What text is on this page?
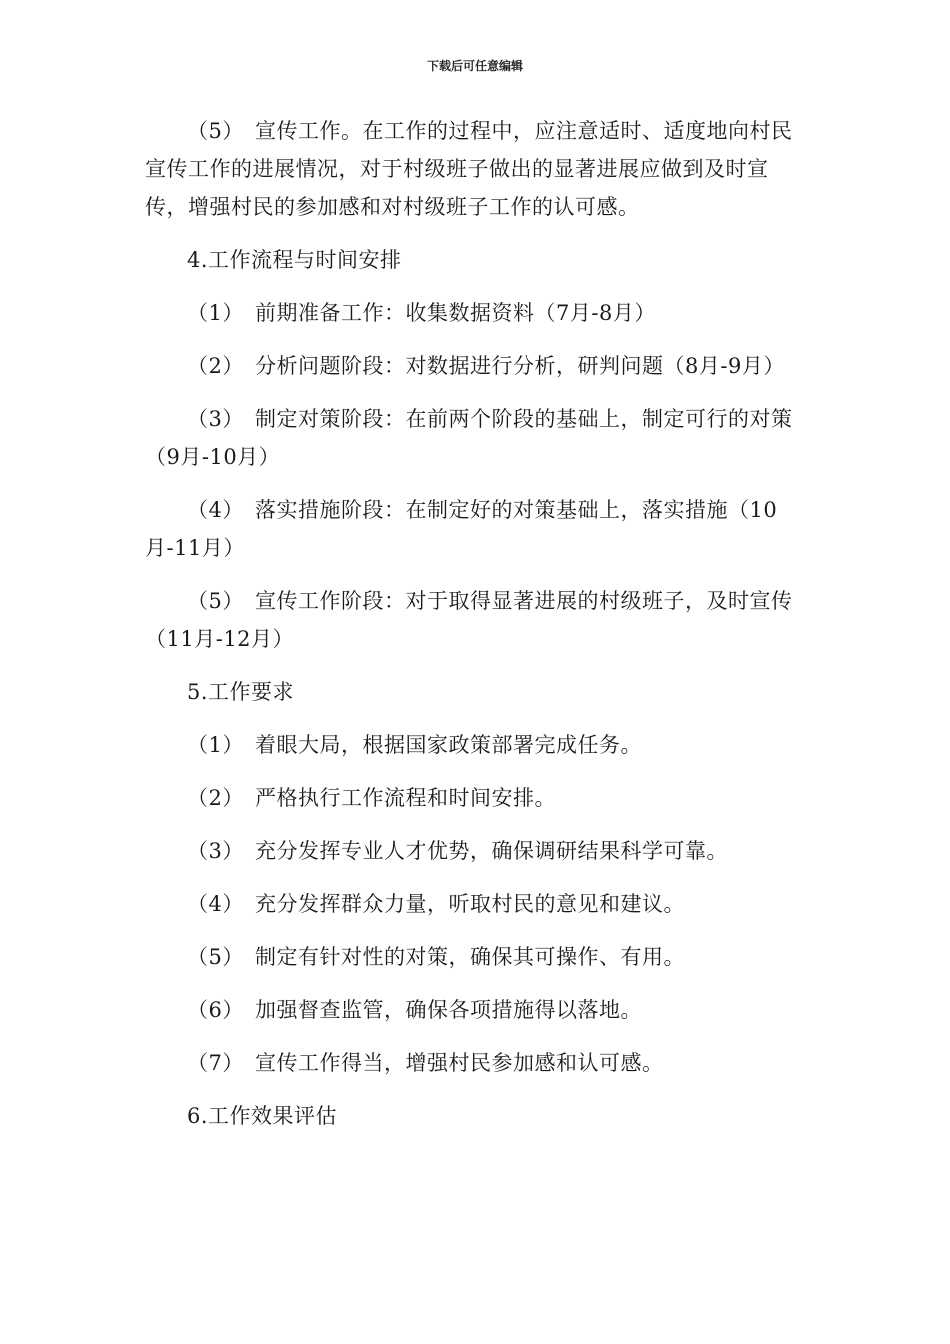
下载后可任意编辑

（5） 宣传工作。在工作的过程中，应注意适时、适度地向村民宣传工作的进展情况，对于村级班子做出的显著进展应做到及时宣传，增强村民的参加感和对村级班子工作的认可感。

4.工作流程与时间安排

（1） 前期准备工作：收集数据资料（7月-8月）

（2） 分析问题阶段：对数据进行分析，研判问题（8月-9月）

（3） 制定对策阶段：在前两个阶段的基础上，制定可行的对策（9月-10月）

（4） 落实措施阶段：在制定好的对策基础上，落实措施（10月-11月）

（5） 宣传工作阶段：对于取得显著进展的村级班子，及时宣传（11月-12月）

5.工作要求

（1） 着眼大局，根据国家政策部署完成任务。

（2） 严格执行工作流程和时间安排。

（3） 充分发挥专业人才优势，确保调研结果科学可靠。

（4） 充分发挥群众力量，听取村民的意见和建议。

（5） 制定有针对性的对策，确保其可操作、有用。

（6） 加强督查监管，确保各项措施得以落地。

（7） 宣传工作得当，增强村民参加感和认可感。

6.工作效果评估
